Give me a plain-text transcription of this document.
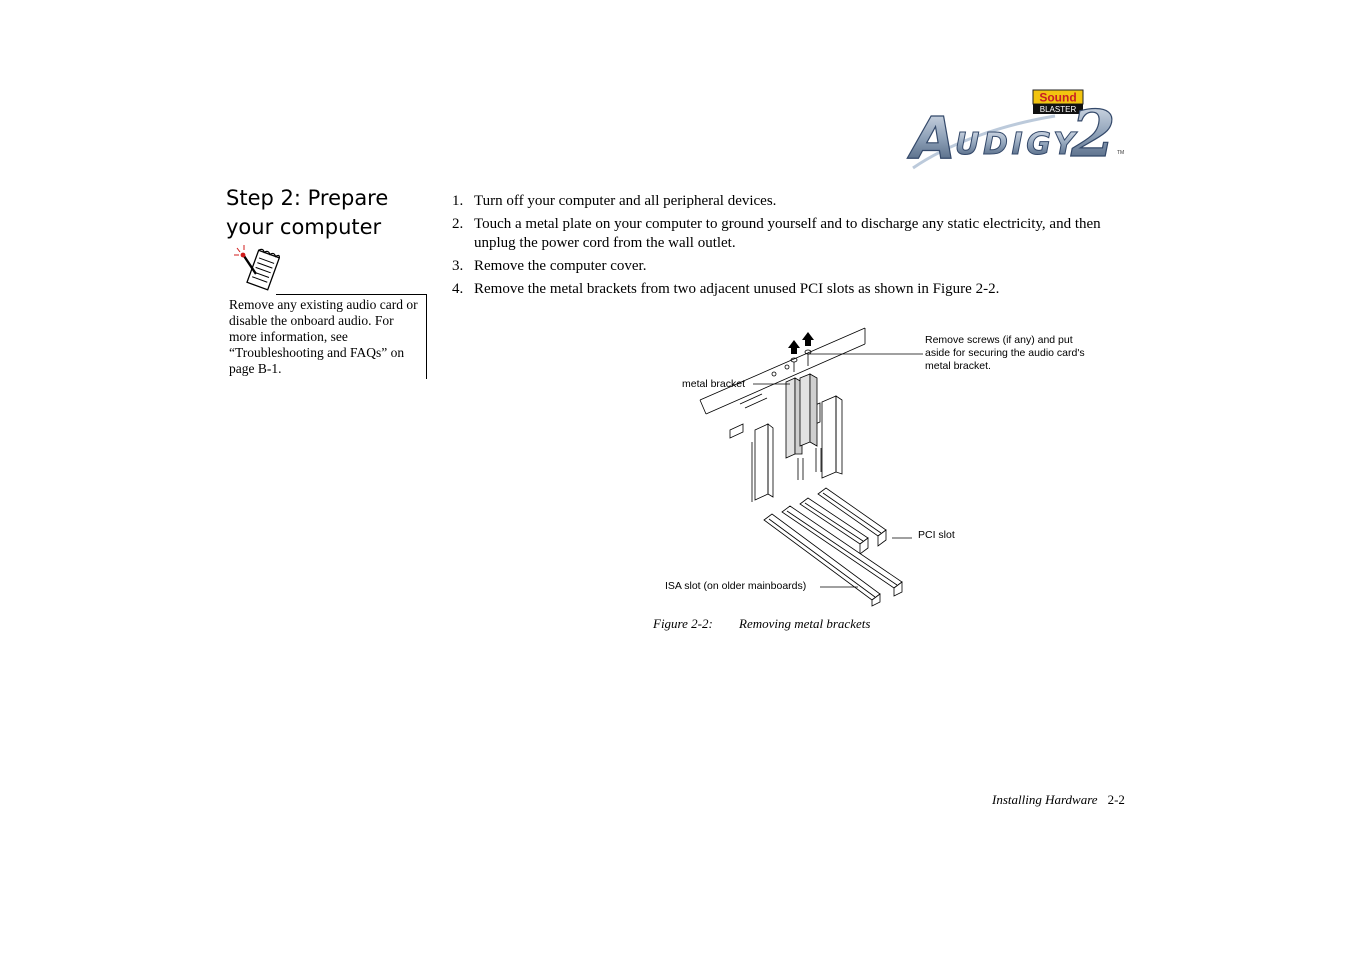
Sound
BLASTER
A UDIGY
2 TM
Step 2: Prepare your computer
Remove any existing audio card or disable the onboard audio. For more information, see “Troubleshooting and FAQs” on page B-1.
1. Turn off your computer and all peripheral devices.
2. Touch a metal plate on your computer to ground yourself and to discharge any static electricity, and then unplug the power cord from the wall outlet.
3. Remove the computer cover.
4. Remove the metal brackets from two adjacent unused PCI slots as shown in Figure 2-2.
Remove screws (if any) and put
aside for securing the audio card's
metal bracket.
metal bracket
PCI slot
ISA slot (on older mainboards)
Figure 2-2: Removing metal brackets
Installing Hardware 2-2
